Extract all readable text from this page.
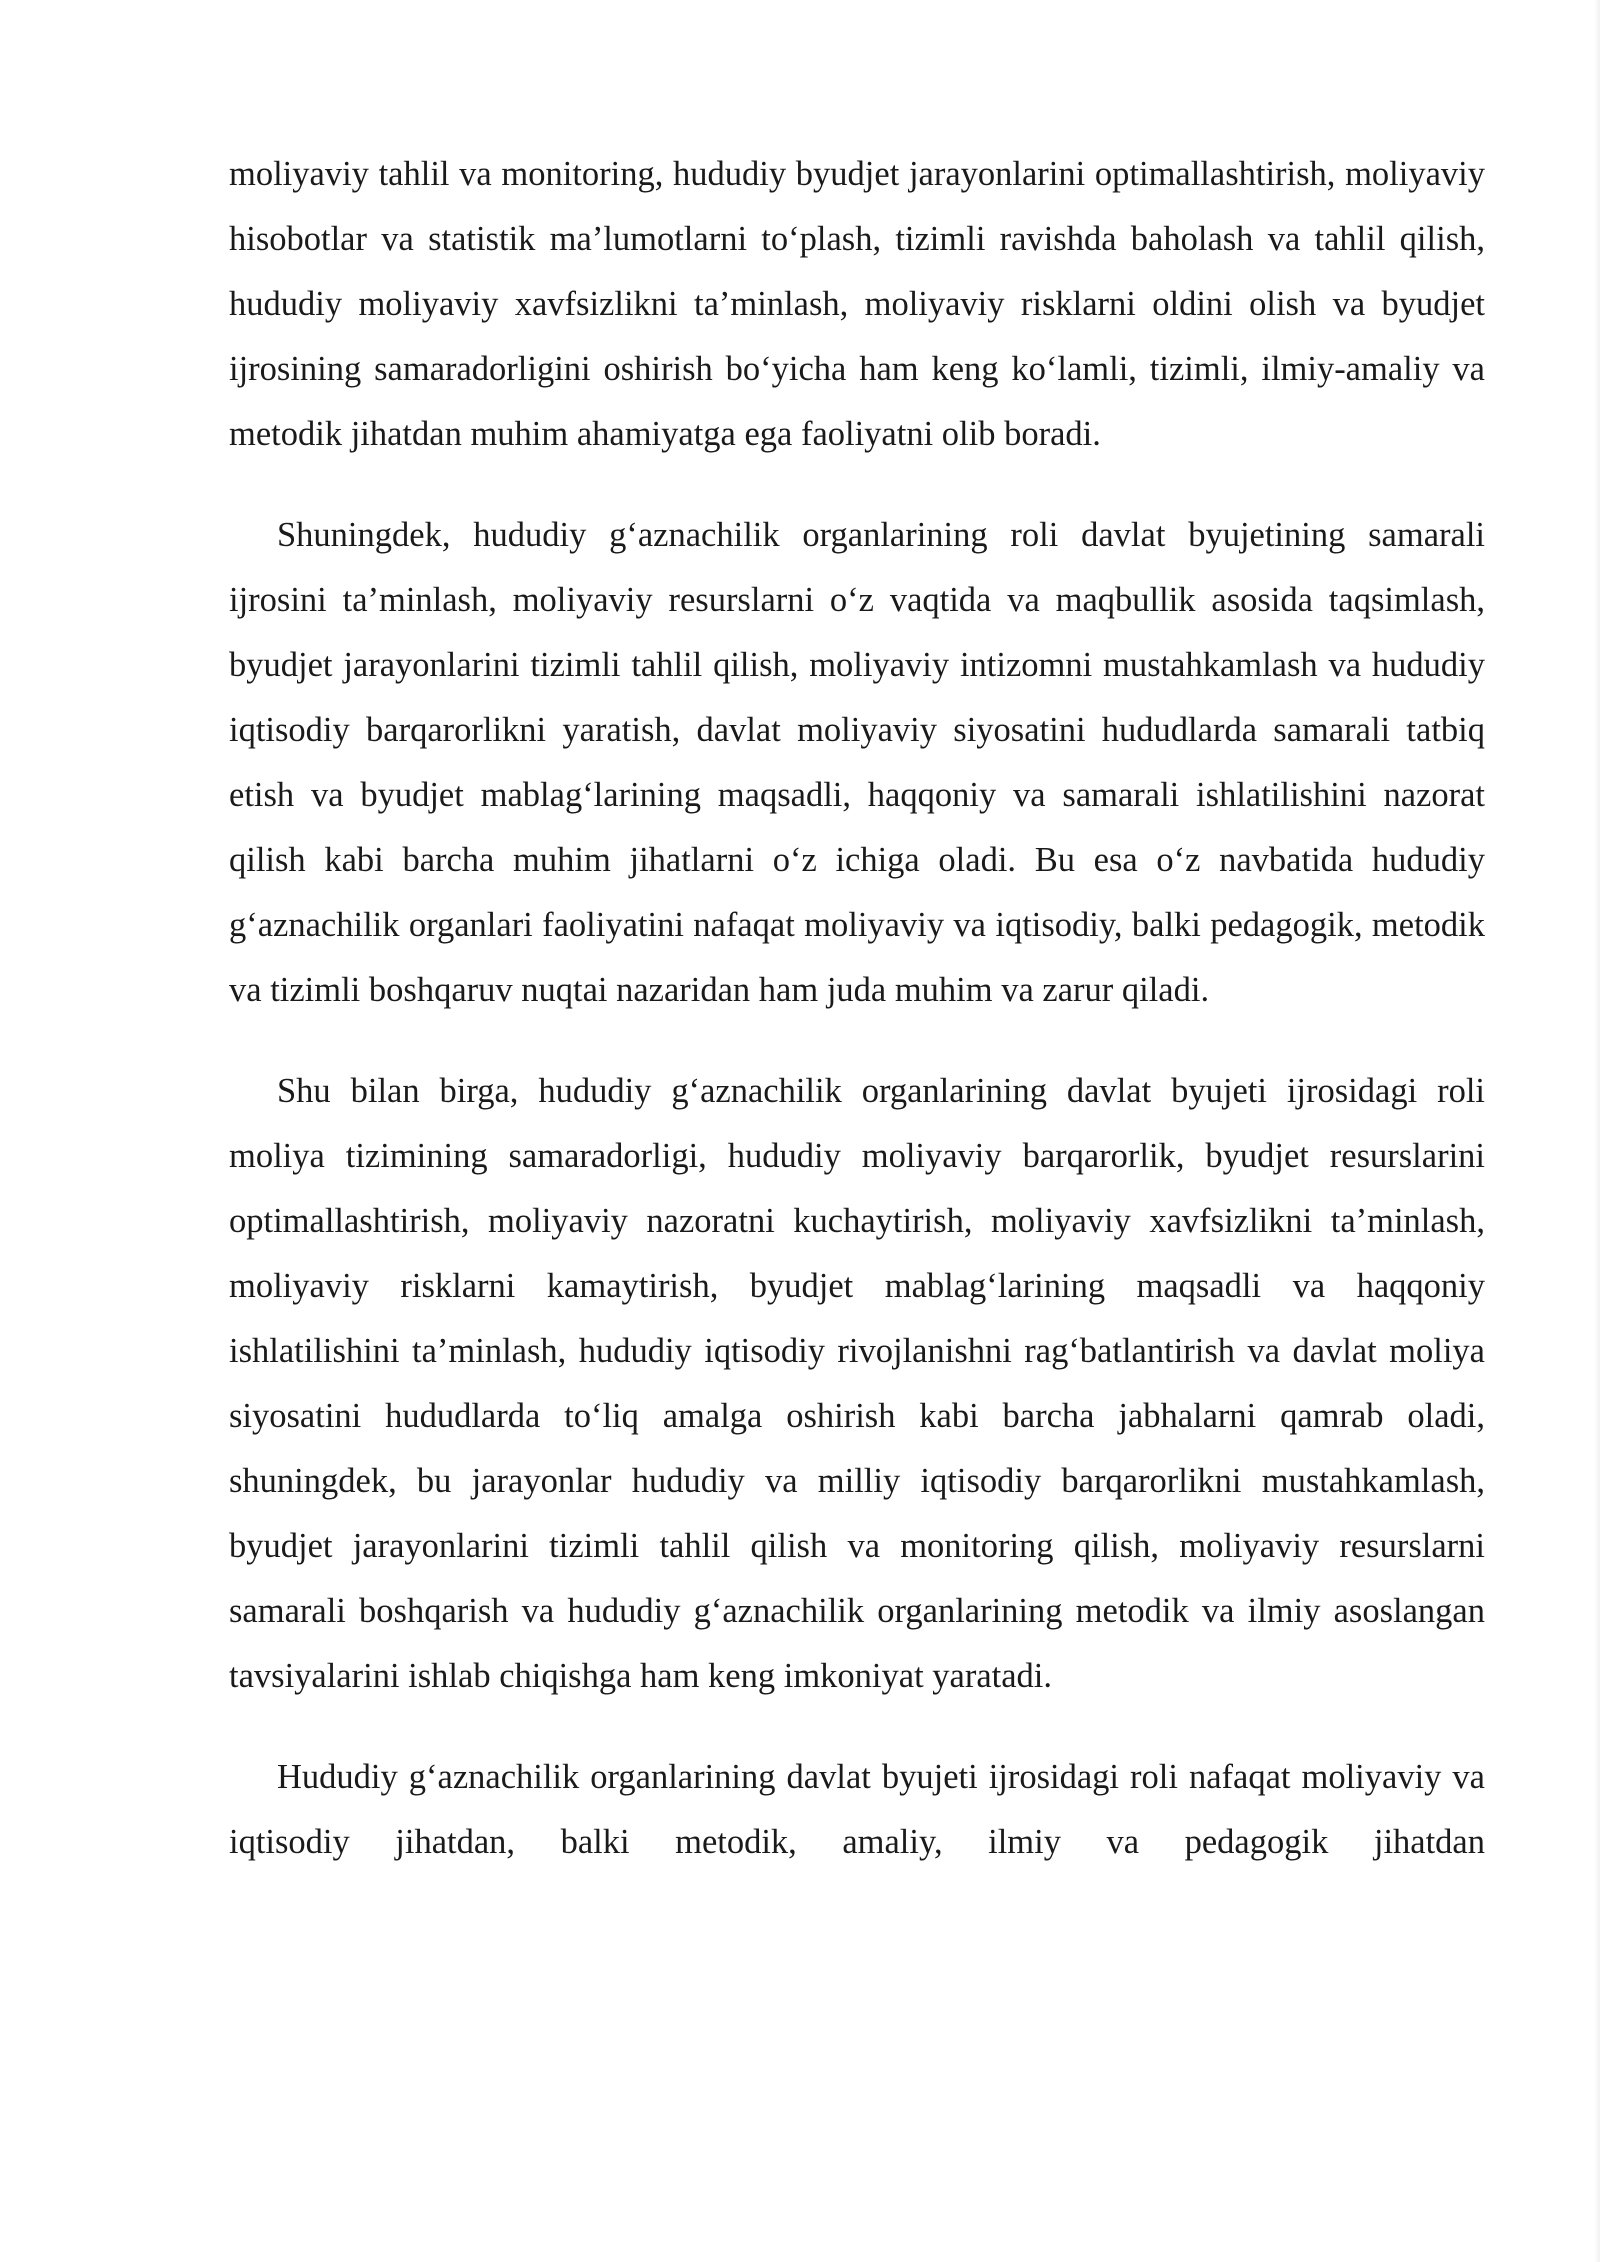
moliyaviy tahlil va monitoring, hududiy byudjet jarayonlarini optimallashtirish, moliyaviy hisobotlar va statistik ma’lumotlarni to‘plash, tizimli ravishda baholash va tahlil qilish, hududiy moliyaviy xavfsizlikni ta’minlash, moliyaviy risklarni oldini olish va byudjet ijrosining samaradorligini oshirish bo‘yicha ham keng ko‘lamli, tizimli, ilmiy-amaliy va metodik jihatdan muhim ahamiyatga ega faoliyatni olib boradi.

Shuningdek, hududiy g‘aznachilik organlarining roli davlat byujetining samarali ijrosini ta’minlash, moliyaviy resurslarni o‘z vaqtida va maqbullik asosida taqsimlash, byudjet jarayonlarini tizimli tahlil qilish, moliyaviy intizomni mustahkamlash va hududiy iqtisodiy barqarorlikni yaratish, davlat moliyaviy siyosatini hududlarda samarali tatbiq etish va byudjet mablag‘larining maqsadli, haqqoniy va samarali ishlatilishini nazorat qilish kabi barcha muhim jihatlarni o‘z ichiga oladi. Bu esa o‘z navbatida hududiy g‘aznachilik organlari faoliyatini nafaqat moliyaviy va iqtisodiy, balki pedagogik, metodik va tizimli boshqaruv nuqtai nazaridan ham juda muhim va zarur qiladi.

Shu bilan birga, hududiy g‘aznachilik organlarining davlat byujeti ijrosidagi roli moliya tizimining samaradorligi, hududiy moliyaviy barqarorlik, byudjet resurslarini optimallashtirish, moliyaviy nazoratni kuchaytirish, moliyaviy xavfsizlikni ta’minlash, moliyaviy risklarni kamaytirish, byudjet mablag‘larining maqsadli va haqqoniy ishlatilishini ta’minlash, hududiy iqtisodiy rivojlanishni rag‘batlantirish va davlat moliya siyosatini hududlarda to‘liq amalga oshirish kabi barcha jabhalarni qamrab oladi, shuningdek, bu jarayonlar hududiy va milliy iqtisodiy barqarorlikni mustahkamlash, byudjet jarayonlarini tizimli tahlil qilish va monitoring qilish, moliyaviy resurslarni samarali boshqarish va hududiy g‘aznachilik organlarining metodik va ilmiy asoslangan tavsiyalarini ishlab chiqishga ham keng imkoniyat yaratadi.

Hududiy g‘aznachilik organlarining davlat byujeti ijrosidagi roli nafaqat moliyaviy va iqtisodiy jihatdan, balki metodik, amaliy, ilmiy va pedagogik jihatdan
